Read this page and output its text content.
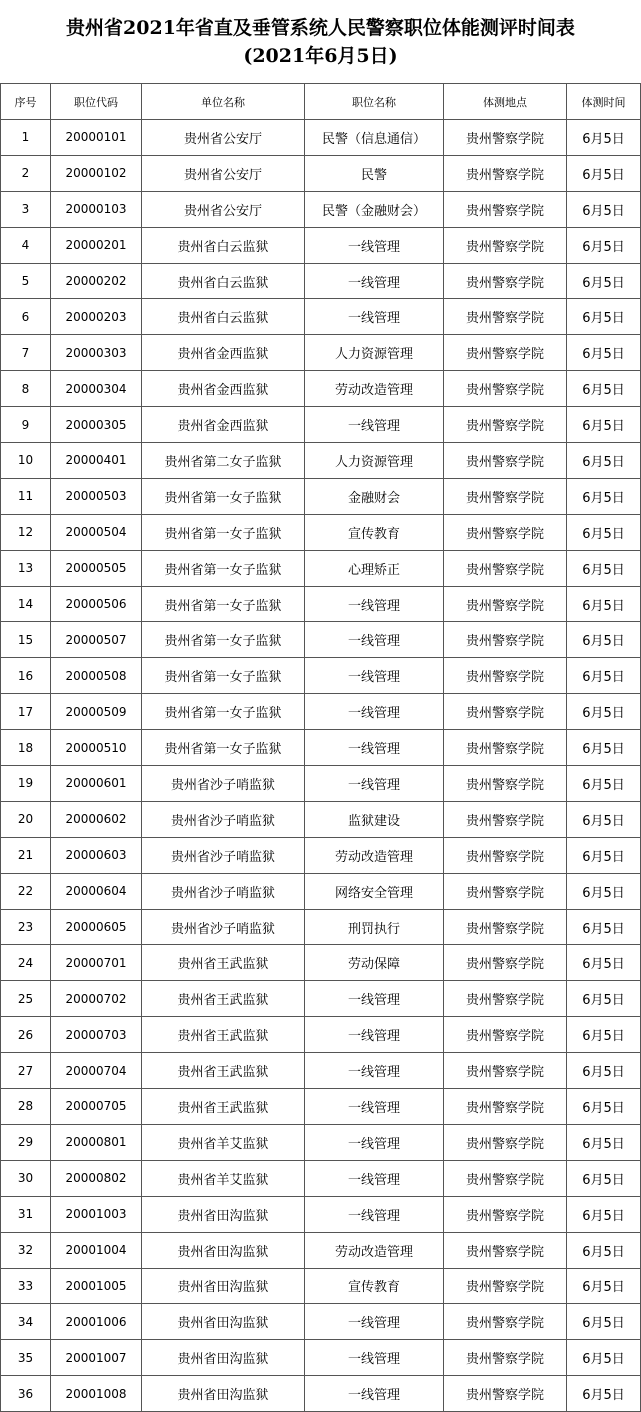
贵州省2021年省直及垂管系统人民警察职位体能测评时间表
(2021年6月5日)
序号	职位代码	单位名称	职位名称	体测地点	体测时间
1	20000101	贵州省公安厅	民警（信息通信）	贵州警察学院	6月5日
2	20000102	贵州省公安厅	民警	贵州警察学院	6月5日
3	20000103	贵州省公安厅	民警（金融财会）	贵州警察学院	6月5日
4	20000201	贵州省白云监狱	一线管理	贵州警察学院	6月5日
5	20000202	贵州省白云监狱	一线管理	贵州警察学院	6月5日
6	20000203	贵州省白云监狱	一线管理	贵州警察学院	6月5日
7	20000303	贵州省金西监狱	人力资源管理	贵州警察学院	6月5日
8	20000304	贵州省金西监狱	劳动改造管理	贵州警察学院	6月5日
9	20000305	贵州省金西监狱	一线管理	贵州警察学院	6月5日
10	20000401	贵州省第二女子监狱	人力资源管理	贵州警察学院	6月5日
11	20000503	贵州省第一女子监狱	金融财会	贵州警察学院	6月5日
12	20000504	贵州省第一女子监狱	宣传教育	贵州警察学院	6月5日
13	20000505	贵州省第一女子监狱	心理矫正	贵州警察学院	6月5日
14	20000506	贵州省第一女子监狱	一线管理	贵州警察学院	6月5日
15	20000507	贵州省第一女子监狱	一线管理	贵州警察学院	6月5日
16	20000508	贵州省第一女子监狱	一线管理	贵州警察学院	6月5日
17	20000509	贵州省第一女子监狱	一线管理	贵州警察学院	6月5日
18	20000510	贵州省第一女子监狱	一线管理	贵州警察学院	6月5日
19	20000601	贵州省沙子哨监狱	一线管理	贵州警察学院	6月5日
20	20000602	贵州省沙子哨监狱	监狱建设	贵州警察学院	6月5日
21	20000603	贵州省沙子哨监狱	劳动改造管理	贵州警察学院	6月5日
22	20000604	贵州省沙子哨监狱	网络安全管理	贵州警察学院	6月5日
23	20000605	贵州省沙子哨监狱	刑罚执行	贵州警察学院	6月5日
24	20000701	贵州省王武监狱	劳动保障	贵州警察学院	6月5日
25	20000702	贵州省王武监狱	一线管理	贵州警察学院	6月5日
26	20000703	贵州省王武监狱	一线管理	贵州警察学院	6月5日
27	20000704	贵州省王武监狱	一线管理	贵州警察学院	6月5日
28	20000705	贵州省王武监狱	一线管理	贵州警察学院	6月5日
29	20000801	贵州省羊艾监狱	一线管理	贵州警察学院	6月5日
30	20000802	贵州省羊艾监狱	一线管理	贵州警察学院	6月5日
31	20001003	贵州省田沟监狱	一线管理	贵州警察学院	6月5日
32	20001004	贵州省田沟监狱	劳动改造管理	贵州警察学院	6月5日
33	20001005	贵州省田沟监狱	宣传教育	贵州警察学院	6月5日
34	20001006	贵州省田沟监狱	一线管理	贵州警察学院	6月5日
35	20001007	贵州省田沟监狱	一线管理	贵州警察学院	6月5日
36	20001008	贵州省田沟监狱	一线管理	贵州警察学院	6月5日
